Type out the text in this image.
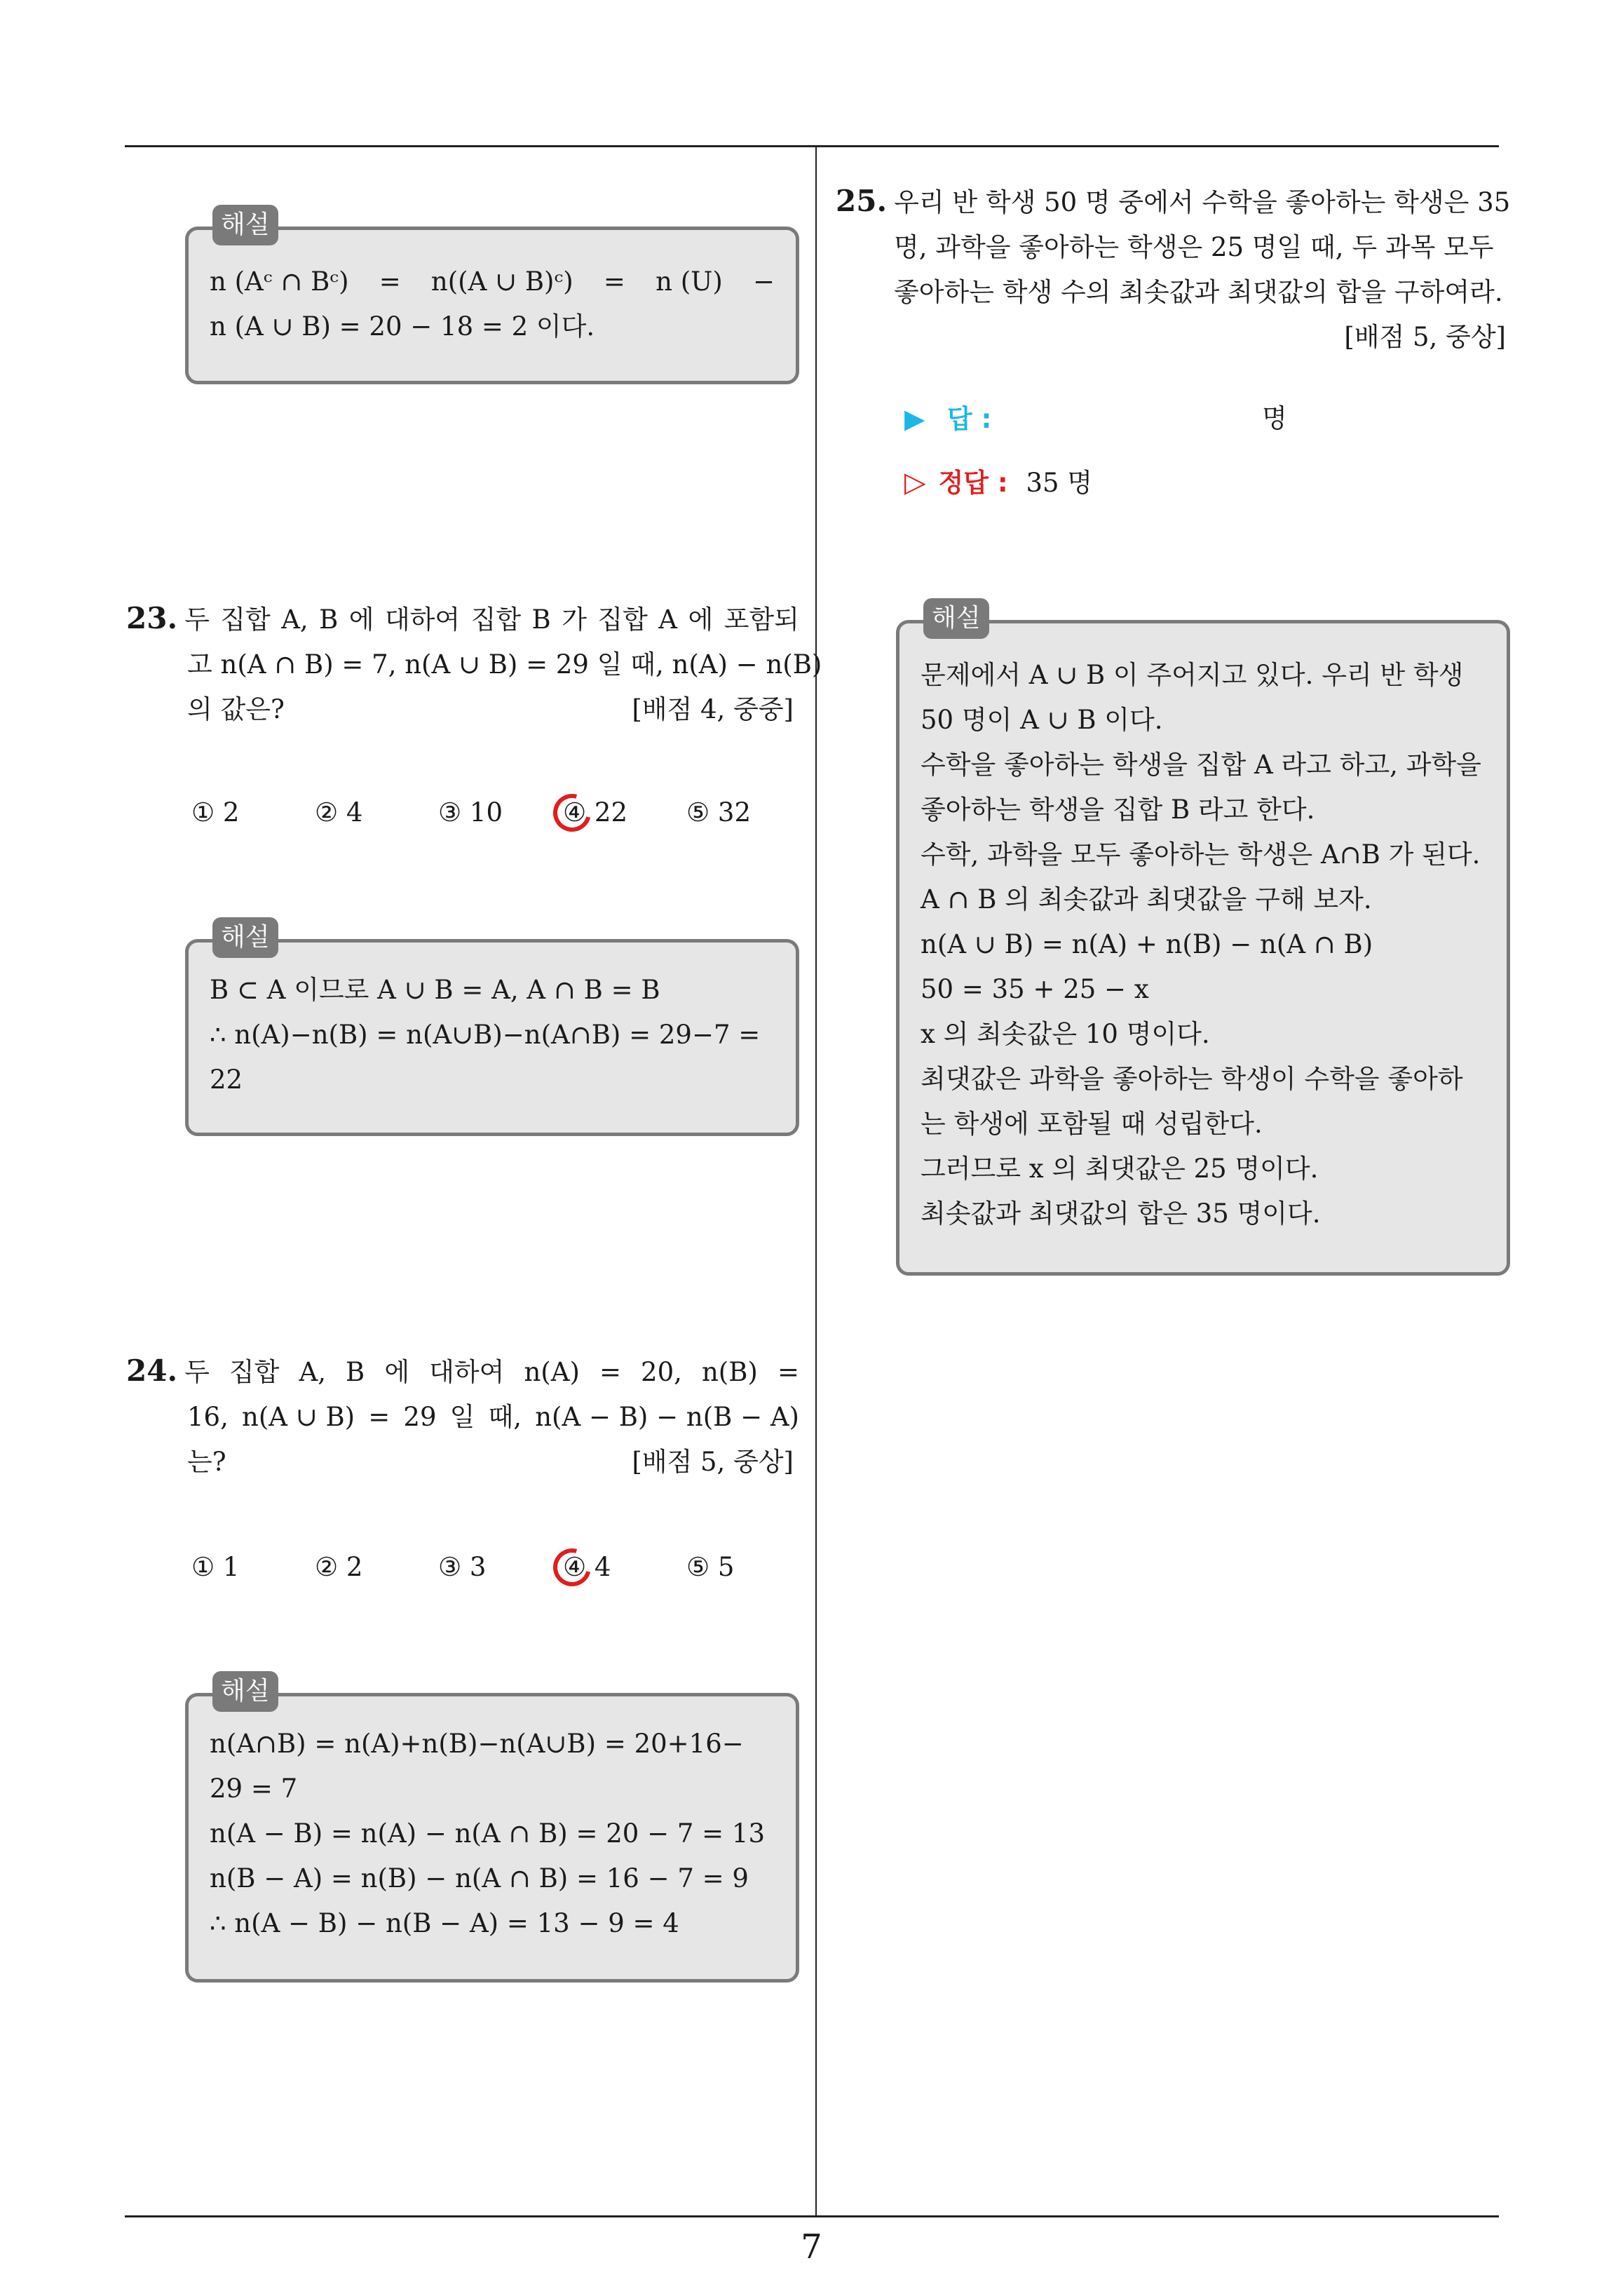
7
해설
n (Aᶜ ∩ Bᶜ) = n((A ∪ B)ᶜ) = n (U) −
n (A ∪ B) = 20 − 18 = 2 이다.
23. 두 집합 A, B 에 대하여 집합 B 가 집합 A 에 포함되
고 n(A ∩ B) = 7, n(A ∪ B) = 29 일 때, n(A) − n(B)
의 값은?	[배점 4, 중중]
① 2	② 4	③ 10 ④ 22 ⑤ 32
해설
B ⊂ A 이므로 A ∪ B = A, A ∩ B = B
∴ n(A)−n(B) = n(A∪B)−n(A∩B) = 29−7 =
22
24. 두 집합 A, B 에 대하여 n(A) = 20, n(B) =
16, n(A ∪ B) = 29 일 때, n(A − B) − n(B − A)
는?	[배점 5, 중상]
① 1	② 2	③ 3	④ 4	⑤ 5
해설
n(A∩B) = n(A)+n(B)−n(A∪B) = 20+16−
29 = 7
n(A − B) = n(A) − n(A ∩ B) = 20 − 7 = 13
n(B − A) = n(B) − n(A ∩ B) = 16 − 7 = 9
∴ n(A − B) − n(B − A) = 13 − 9 = 4
25. 우리 반 학생 50 명 중에서 수학을 좋아하는 학생은 35
명, 과학을 좋아하는 학생은 25 명일 때, 두 과목 모두
좋아하는 학생 수의 최솟값과 최댓값의 합을 구하여라.
[배점 5, 중상]
▶ 답 :	명
▷ 정답 : 35 명
해설
문제에서 A ∪ B 이 주어지고 있다. 우리 반 학생
50 명이 A ∪ B 이다.
수학을 좋아하는 학생을 집합 A 라고 하고, 과학을
좋아하는 학생을 집합 B 라고 한다.
수학, 과학을 모두 좋아하는 학생은 A∩B 가 된다.
A ∩ B 의 최솟값과 최댓값을 구해 보자.
n(A ∪ B) = n(A) + n(B) − n(A ∩ B)
50 = 35 + 25 − x
x 의 최솟값은 10 명이다.
최댓값은 과학을 좋아하는 학생이 수학을 좋아하
는 학생에 포함될 때 성립한다.
그러므로 x 의 최댓값은 25 명이다.
최솟값과 최댓값의 합은 35 명이다.
